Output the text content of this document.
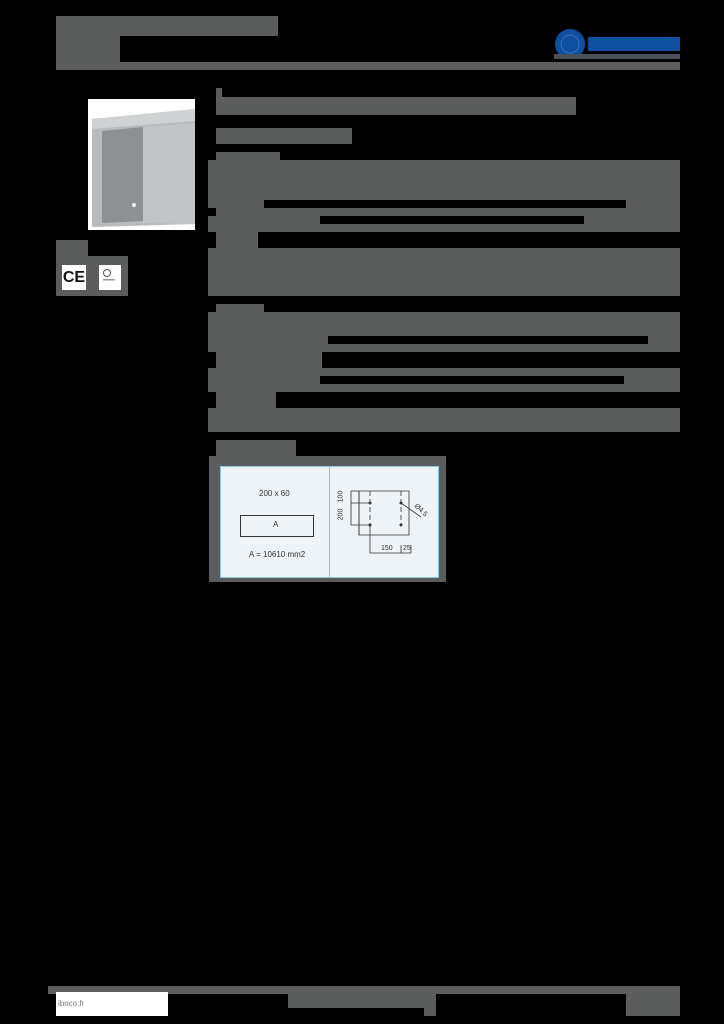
CE
200 x 60
A
A = 10610 mm2
100
200	Ø4.5
150 25
iboco.fr
